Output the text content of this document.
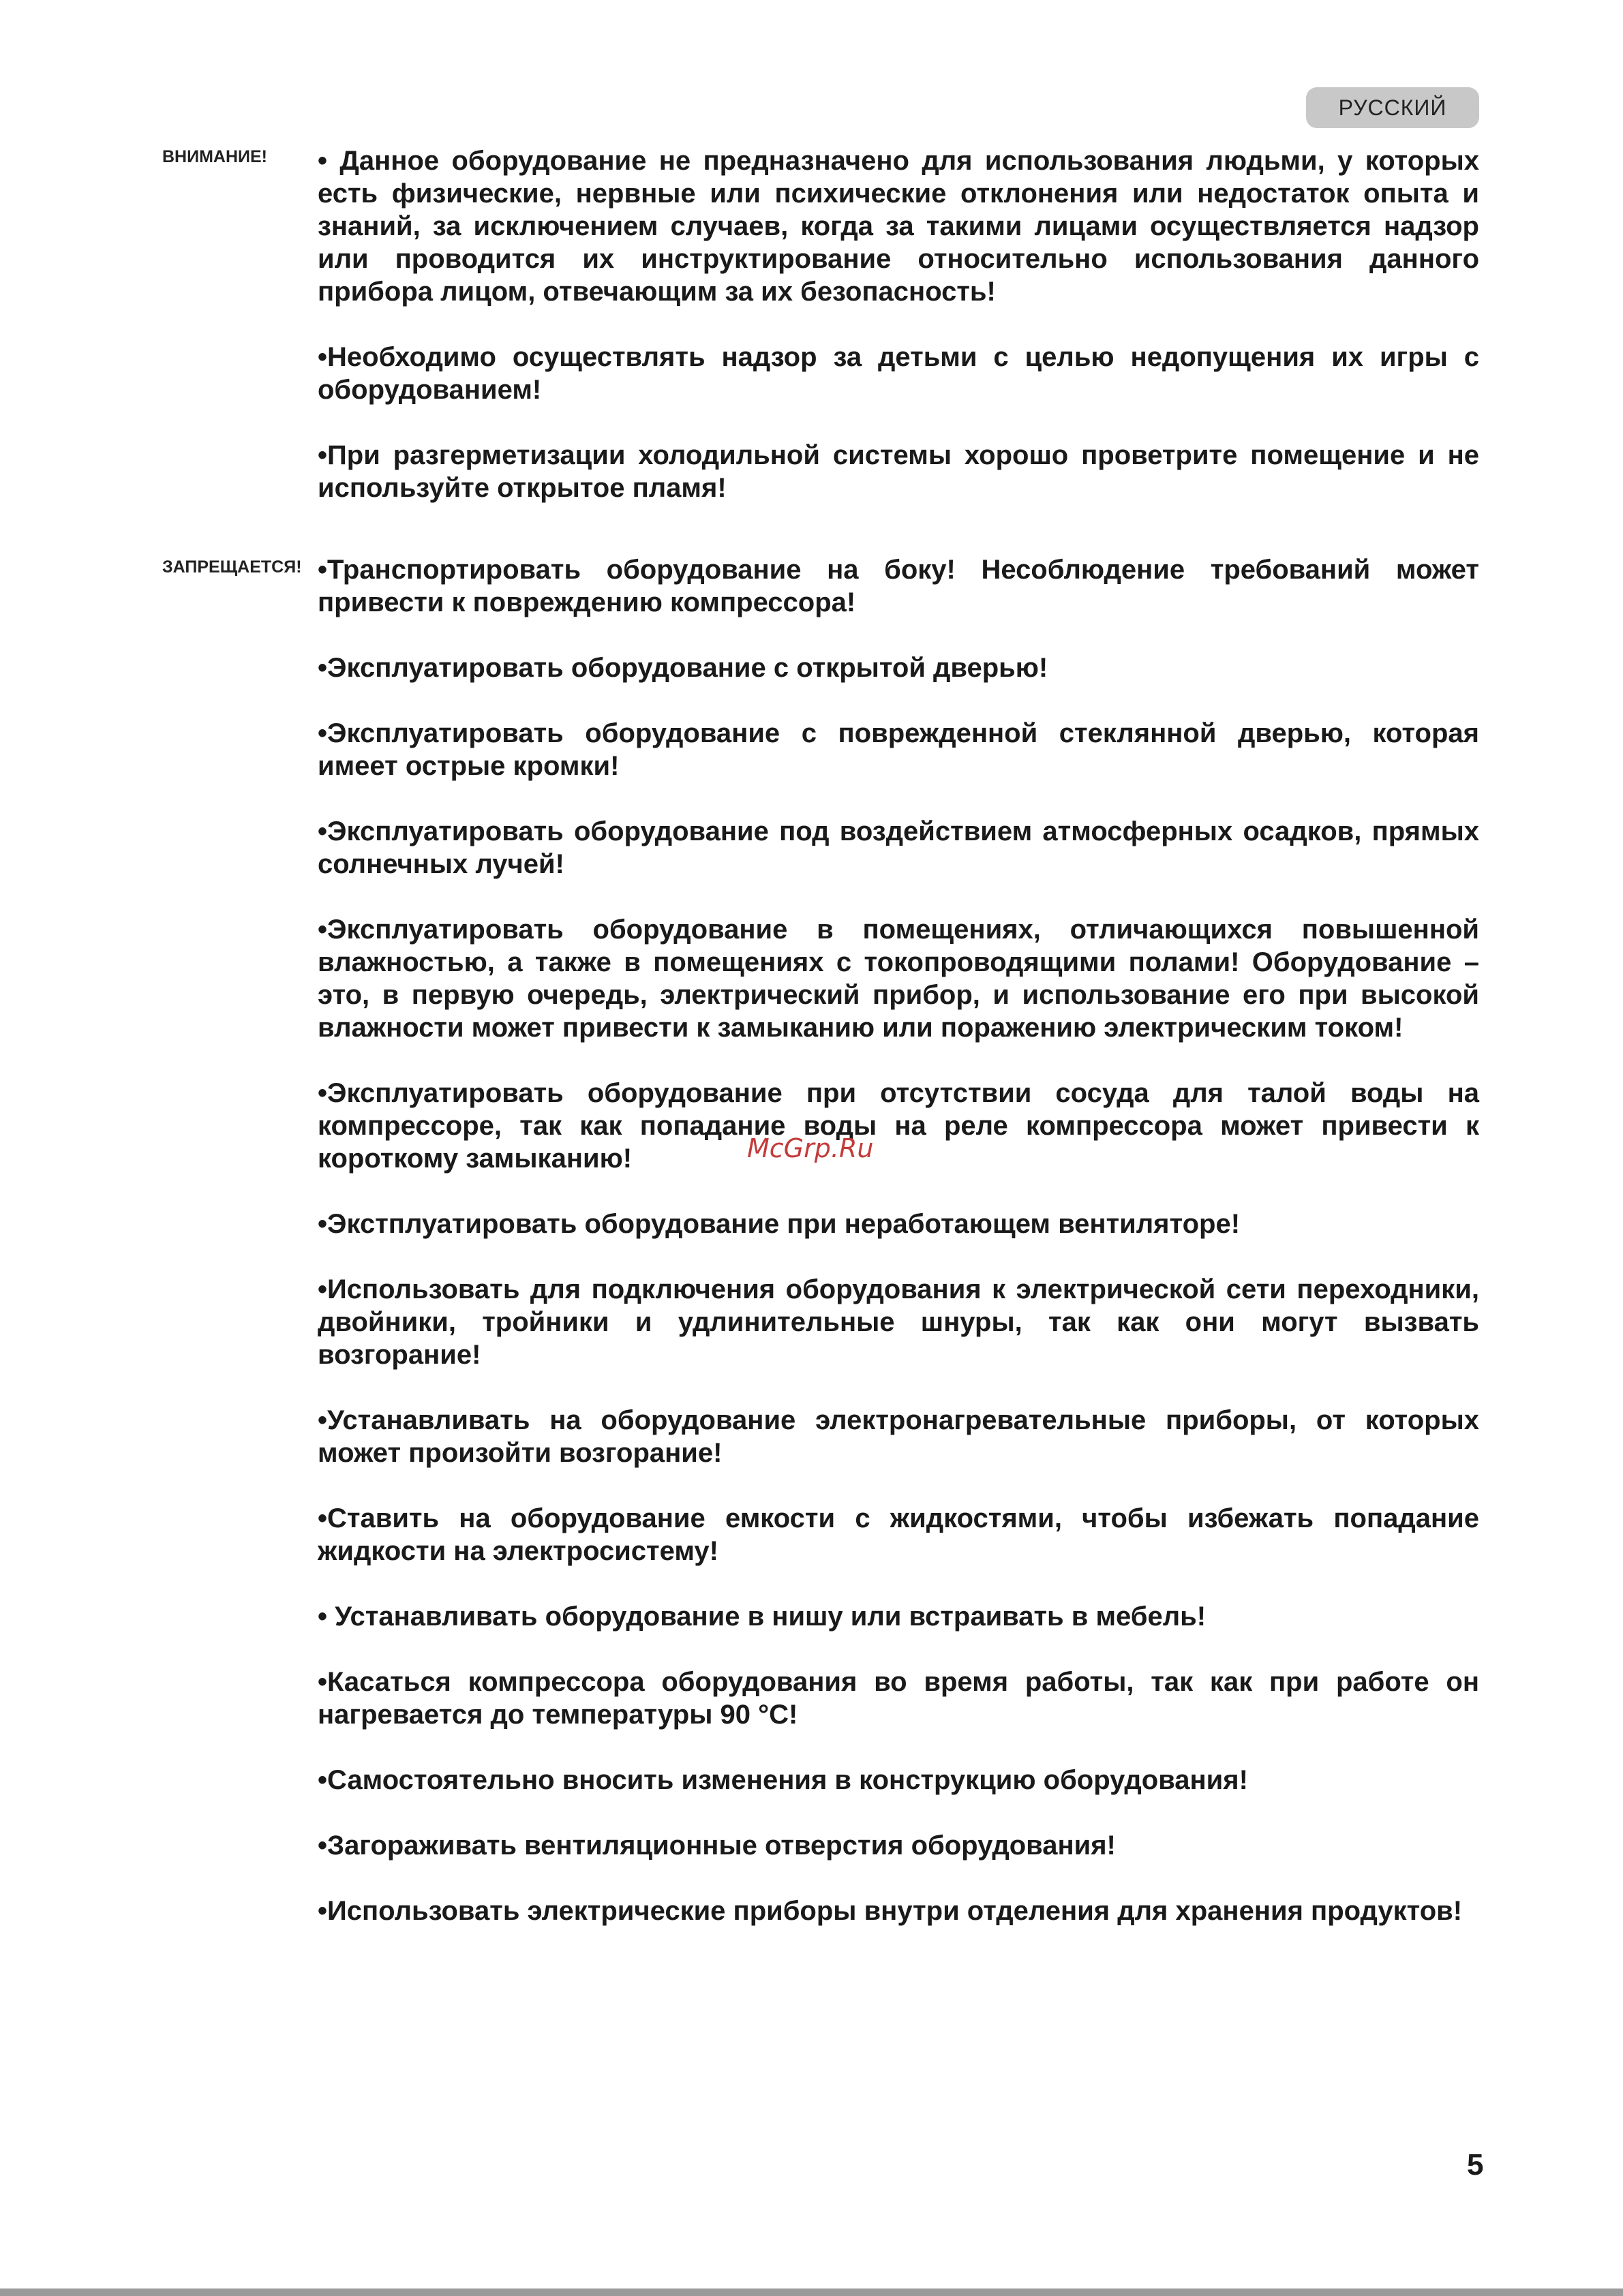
РУССКИЙ
ВНИМАНИЕ! • Данное оборудование не предназначено для использования людьми, у которых есть физические, нервные или психические отклонения или недостаток опыта и знаний, за исключением случаев, когда за такими лицами осуществляется надзор или проводится их инструктирование относительно использования данного прибора лицом, отвечающим за их безопасность!

•Необходимо осуществлять надзор за детьми с целью недопущения их игры с оборудованием!

•При разгерметизации холодильной системы хорошо проветрите помещение и не используйте открытое пламя!

ЗАПРЕЩАЕТСЯ! •Транспортировать оборудование на боку! Несоблюдение требований может привести к повреждению компрессора!

•Эксплуатировать оборудование с открытой дверью!

•Эксплуатировать оборудование с поврежденной стеклянной дверью, которая имеет острые кромки!

•Эксплуатировать оборудование под воздействием атмосферных осадков, прямых солнечных лучей!

•Эксплуатировать оборудование в помещениях, отличающихся повышенной влажностью, а также в помещениях с токопроводящими полами! Оборудование – это, в первую очередь, электрический прибор, и использование его при высокой влажности может привести к замыканию или поражению электрическим током!

•Эксплуатировать оборудование при отсутствии сосуда для талой воды на компрессоре, так как попадание воды на реле компрессора может привести к короткому замыканию!

•Экстплуатировать оборудование при неработающем вентиляторе!

•Использовать для подключения оборудования к электрической сети переходники, двойники, тройники и удлинительные шнуры, так как они могут вызвать возгорание!

•Устанавливать на оборудование электронагревательные приборы, от которых может произойти возгорание!

•Ставить на оборудование емкости с жидкостями, чтобы избежать попадание жидкости на электросистему!

• Устанавливать оборудование в нишу или встраивать в мебель!

•Касаться компрессора оборудования во время работы, так как при работе он нагревается до температуры 90 °С!

•Самостоятельно вносить изменения в конструкцию оборудования!

•Загораживать вентиляционные отверстия оборудования!

•Использовать электрические приборы внутри отделения для хранения продуктов!

McGrp.Ru
5
